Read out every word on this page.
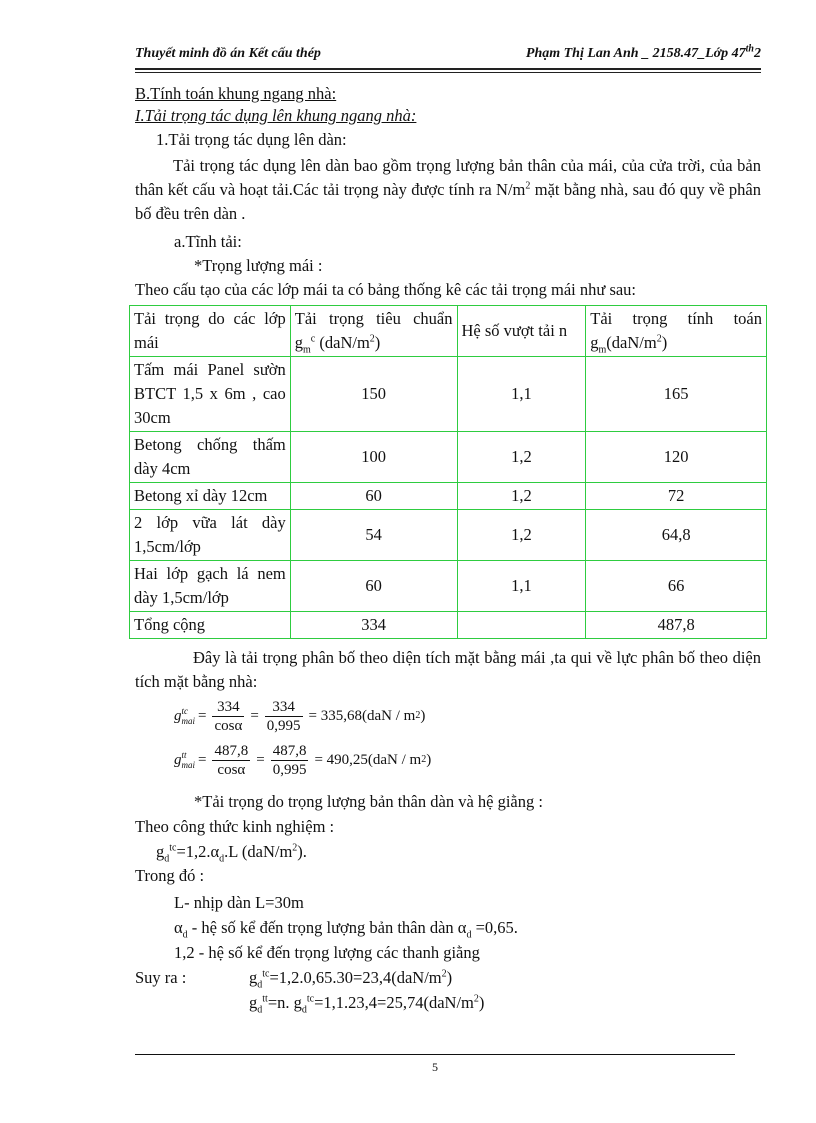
Thuyết minh đồ án Kết cấu thép	Phạm Thị Lan Anh _ 2158.47_Lớp 47th2
B.Tính toán khung ngang nhà:
I.Tải trọng tác dụng lên khung ngang nhà:
1.Tải trọng tác dụng lên dàn:
Tải trọng tác dụng lên dàn bao gồm trọng lượng bản thân của mái, của cửa trời, của bản thân kết cấu và hoạt tải.Các tải trọng này được tính ra $N/m^2$ mặt bằng nhà, sau đó quy về phân bố đều trên dàn .
a.Tĩnh tải:
*Trọng lượng mái :
Theo cấu tạo của các lớp mái ta có bảng thống kê các tải trọng mái như sau:
Tải trọng do các lớp mái	Tải trọng tiêu chuẩn $g_m^c$ $(daN/m^2)$	Hệ số vượt tải n	Tải trọng tính toán $g_m(daN/m^2)$
Tấm mái Panel sườn BTCT 1,5 x 6m , cao 30cm	150	1,1	165
Betong chống thấm dày 4cm	100	1,2	120
Betong xỉ dày 12cm	60	1,2	72
2 lớp vữa lát dày 1,5cm/lớp	54	1,2	64,8
Hai lớp gạch lá nem dày 1,5cm/lớp	60	1,1	66
Tổng cộng	334		487,8
Đây là tải trọng phân bố theo diện tích mặt bằng mái ,ta qui về lực phân bố theo diện tích mặt bằng nhà:
g tc
mai = $\frac{334}{\cos\alpha} = \frac{334}{0,995} = 335,68(daN / m$ 2 )
g tt
mai = $\frac{487,8}{\cos\alpha} = \frac{487,8}{0,995} = 490,25(daN / m$ 2 )
*Tải trọng do trọng lượng bản thân dàn và hệ giằng :
Theo công thức kinh nghiệm :
$g_d^{tc}=1,2.\alpha_d.L$ $(daN/m^2)$.
Trong đó :
L- nhịp dàn L=30m
$\alpha_d$ - hệ số kể đến trọng lượng bản thân dàn $\alpha_d =0,65$.
1,2 - hệ số kể đến trọng lượng các thanh giằng
Suy ra :	$g_d^{tc}=1,2.0,65.30=23,4(daN/m^2)$
$g_d^{tt}=n$. $g_d^{tc}=1,1.23,4=25,74(daN/m^2)$
5
